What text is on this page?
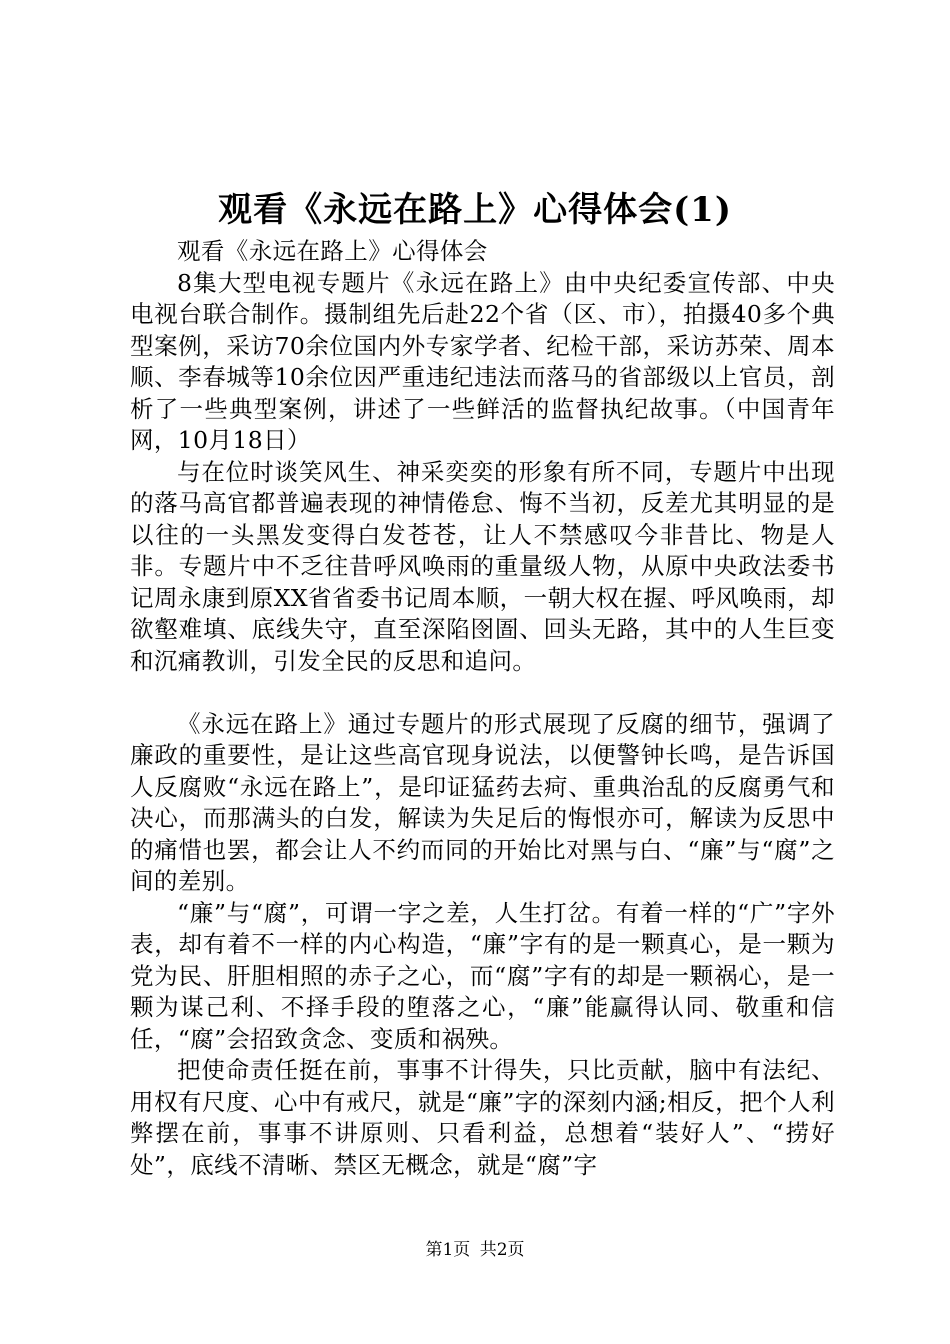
观看《永远在路上》心得体会(1)

观看《永远在路上》心得体会

8集大型电视专题片《永远在路上》由中央纪委宣传部、中央电视台联合制作。摄制组先后赴22个省（区、市），拍摄40多个典型案例，采访70余位国内外专家学者、纪检干部，采访苏荣、周本顺、李春城等10余位因严重违纪违法而落马的省部级以上官员，剖析了一些典型案例，讲述了一些鲜活的监督执纪故事。（中国青年网，10月18日）

与在位时谈笑风生、神采奕奕的形象有所不同，专题片中出现的落马高官都普遍表现的神情倦怠、悔不当初，反差尤其明显的是以往的一头黑发变得白发苍苍，让人不禁感叹今非昔比、物是人非。专题片中不乏往昔呼风唤雨的重量级人物，从原中央政法委书记周永康到原XX省省委书记周本顺，一朝大权在握、呼风唤雨，却欲壑难填、底线失守，直至深陷囹圄、回头无路，其中的人生巨变和沉痛教训，引发全民的反思和追问。

《永远在路上》通过专题片的形式展现了反腐的细节，强调了廉政的重要性，是让这些高官现身说法，以便警钟长鸣，是告诉国人反腐败“永远在路上”，是印证猛药去疴、重典治乱的反腐勇气和决心，而那满头的白发，解读为失足后的悔恨亦可，解读为反思中的痛惜也罢，都会让人不约而同的开始比对黑与白、“廉”与“腐”之间的差别。

“廉”与“腐”，可谓一字之差，人生打岔。有着一样的“广”字外表，却有着不一样的内心构造，“廉”字有的是一颗真心，是一颗为党为民、肝胆相照的赤子之心，而“腐”字有的却是一颗祸心，是一颗为谋己利、不择手段的堕落之心，“廉”能赢得认同、敬重和信任，“腐”会招致贪念、变质和祸殃。

把使命责任挺在前，事事不计得失，只比贡献，脑中有法纪、用权有尺度、心中有戒尺，就是“廉”字的深刻内涵;相反，把个人利弊摆在前，事事不讲原则、只看利益，总想着“装好人”、“捞好处”，底线不清晰、禁区无概念，就是“腐”字

第1页 共2页
